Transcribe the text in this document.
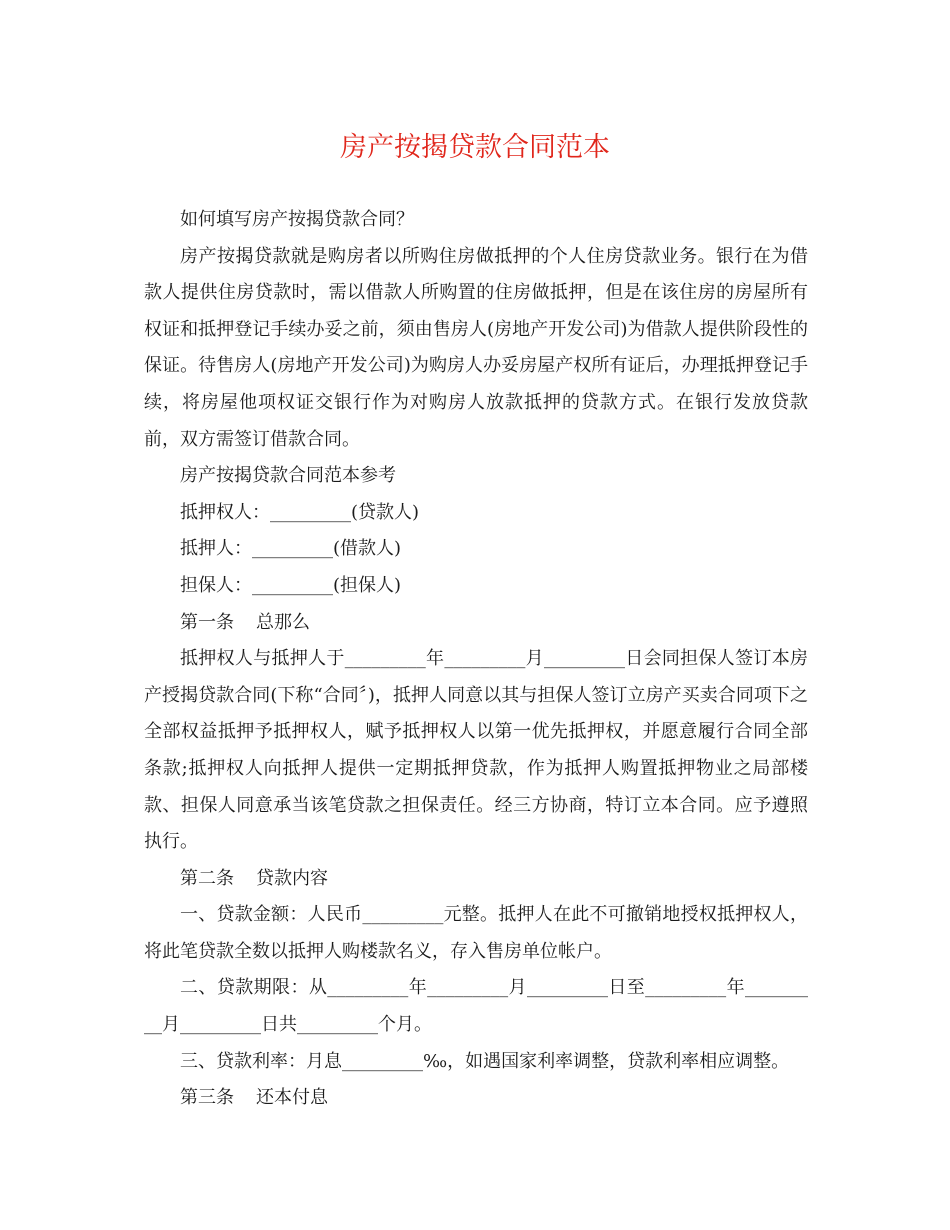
房产按揭贷款合同范本
如何填写房产按揭贷款合同？

房产按揭贷款就是购房者以所购住房做抵押的个人住房贷款业务。银行在为借款人提供住房贷款时，需以借款人所购置的住房做抵押，但是在该住房的房屋所有权证和抵押登记手续办妥之前，须由售房人(房地产开发公司)为借款人提供阶段性的保证。待售房人(房地产开发公司)为购房人办妥房屋产权所有证后，办理抵押登记手续，将房屋他项权证交银行作为对购房人放款抵押的贷款方式。在银行发放贷款前，双方需签订借款合同。

房产按揭贷款合同范本参考
抵押权人：_________(贷款人)
抵押人：_________(借款人)
担保人：_________(担保人)
第一条 总那么

抵押权人与抵押人于_________年_________月_________日会同担保人签订本房产授揭贷款合同(下称“合同〞)，抵押人同意以其与担保人签订立房产买卖合同项下之全部权益抵押予抵押权人，赋予抵押权人以第一优先抵押权，并愿意履行合同全部条款;抵押权人向抵押人提供一定期抵押贷款，作为抵押人购置抵押物业之局部楼款、担保人同意承当该笔贷款之担保责任。经三方协商，特订立本合同。应予遵照执行。

第二条 贷款内容

一、贷款金额：人民币_________元整。抵押人在此不可撤销地授权抵押权人，将此笔贷款全数以抵押人购楼款名义，存入售房单位帐户。

二、贷款期限：从_________年_________月_________日至_________年_________月_________日共_________个月。

三、贷款利率：月息_________‰，如遇国家利率调整，贷款利率相应调整。

第三条 还本付息
